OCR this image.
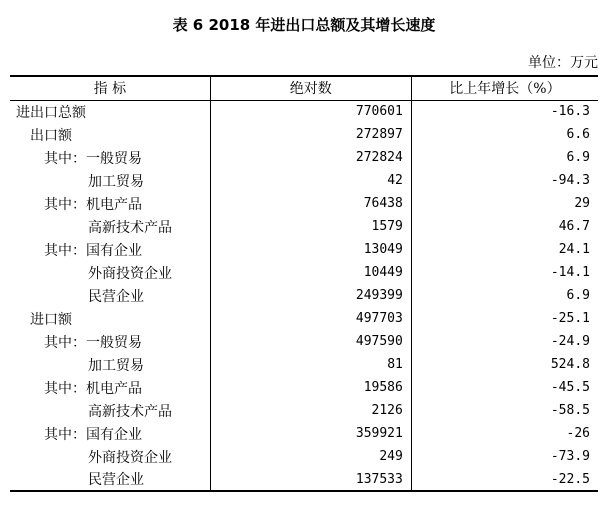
表 6 2018 年进出口总额及其增长速度
单位：万元
指 标	绝对数	比上年增长（%）
进出口总额	770601	-16.3
出口额	272897	6.6
其中：一般贸易	272824	6.9
加工贸易	42	-94.3
其中：机电产品	76438	29
高新技术产品	1579	46.7
其中：国有企业	13049	24.1
外商投资企业	10449	-14.1
民营企业	249399	6.9
进口额	497703	-25.1
其中：一般贸易	497590	-24.9
加工贸易	81	524.8
其中：机电产品	19586	-45.5
高新技术产品	2126	-58.5
其中：国有企业	359921	-26
外商投资企业	249	-73.9
民营企业	137533	-22.5
